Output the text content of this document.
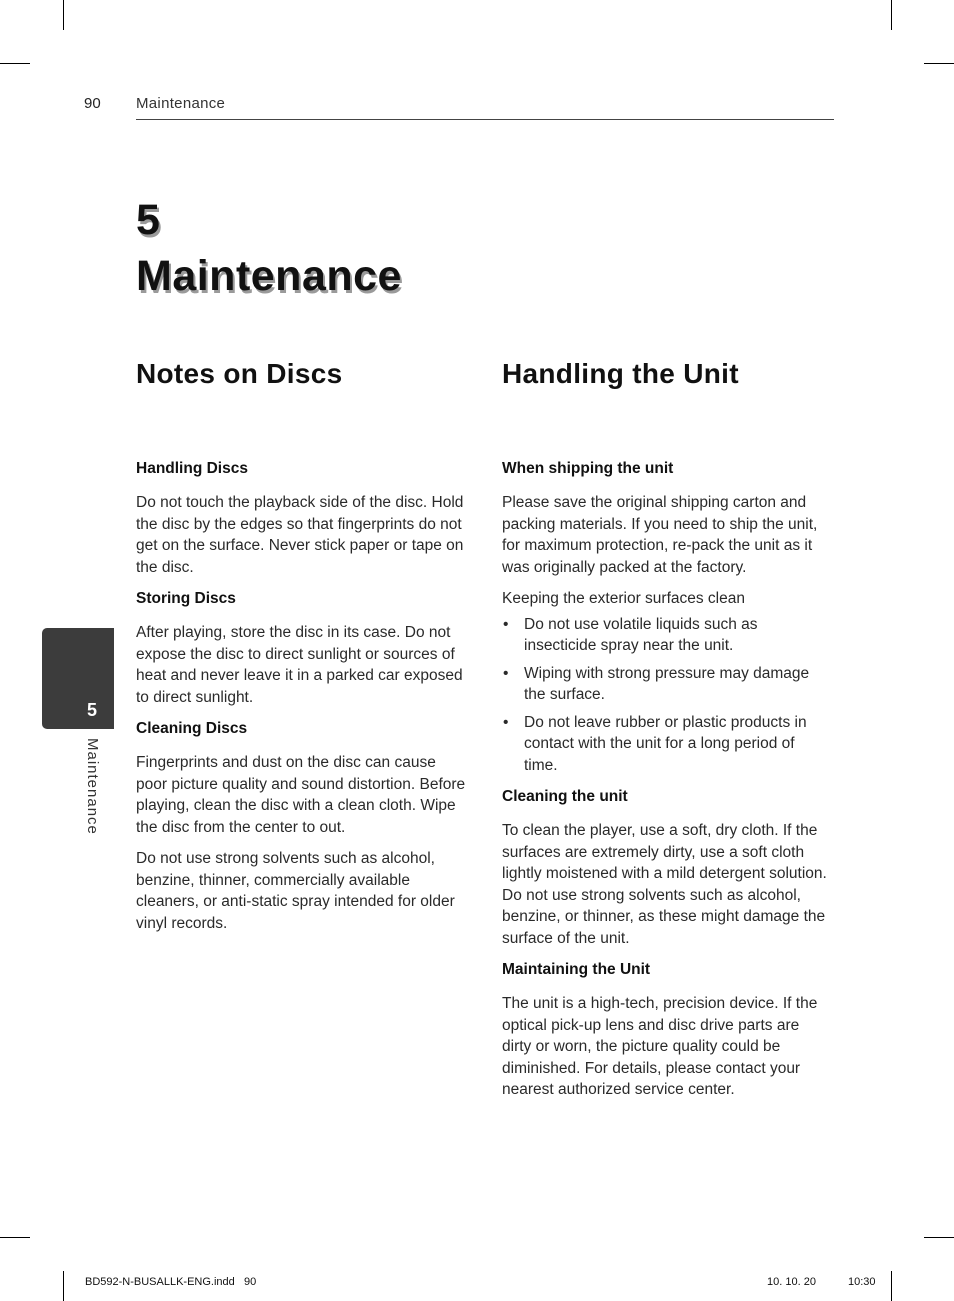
90 Maintenance
5
Maintenance
5
Maintenance
Notes on Discs
Handling Discs

Do not touch the playback side of the disc. Hold the disc by the edges so that fingerprints do not get on the surface. Never stick paper or tape on the disc.

Storing Discs

After playing, store the disc in its case. Do not expose the disc to direct sunlight or sources of heat and never leave it in a parked car exposed to direct sunlight.

Cleaning Discs

Fingerprints and dust on the disc can cause poor picture quality and sound distortion. Before playing, clean the disc with a clean cloth. Wipe the disc from the center to out.

Do not use strong solvents such as alcohol, benzine, thinner, commercially available cleaners, or anti-static spray intended for older vinyl records.

Handling the Unit
When shipping the unit

Please save the original shipping carton and packing materials. If you need to ship the unit, for maximum protection, re-pack the unit as it was originally packed at the factory.

Keeping the exterior surfaces clean

• Do not use volatile liquids such as insecticide spray near the unit.
• Wiping with strong pressure may damage the surface.
• Do not leave rubber or plastic products in contact with the unit for a long period of time.
Cleaning the unit

To clean the player, use a soft, dry cloth. If the surfaces are extremely dirty, use a soft cloth lightly moistened with a mild detergent solution. Do not use strong solvents such as alcohol, benzine, or thinner, as these might damage the surface of the unit.

Maintaining the Unit

The unit is a high-tech, precision device. If the optical pick-up lens and disc drive parts are dirty or worn, the picture quality could be diminished. For details, please contact your nearest authorized service center.

BD592-N-BUSALLK-ENG.indd   90	10. 10. 20	10:30
